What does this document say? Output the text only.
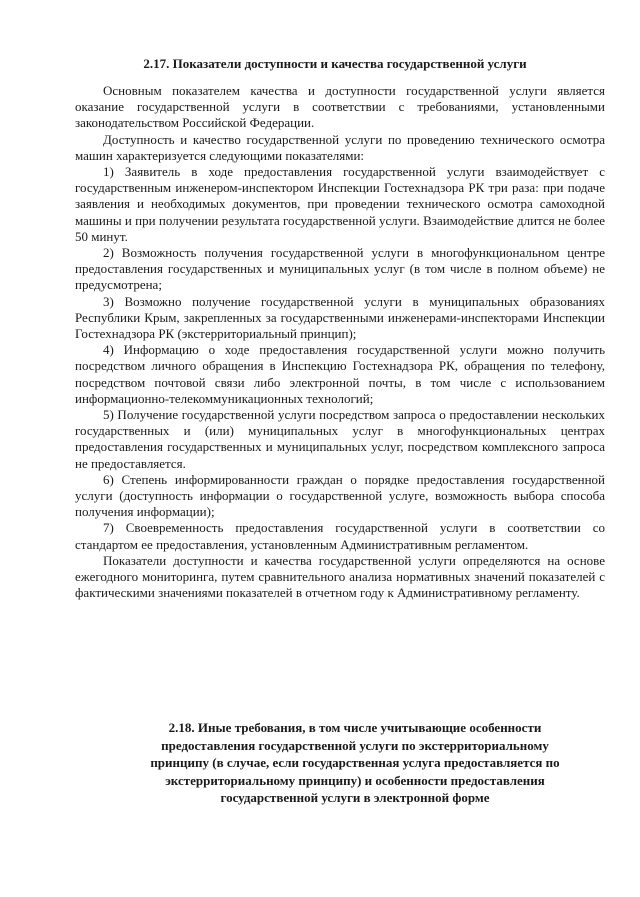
2.17. Показатели доступности и качества государственной услуги

Основным показателем качества и доступности государственной услуги является оказание государственной услуги в соответствии с требованиями, установленными законодательством Российской Федерации.

Доступность и качество государственной услуги по проведению технического осмотра машин характеризуется следующими показателями:

1) Заявитель в ходе предоставления государственной услуги взаимодействует с государственным инженером-инспектором Инспекции Гостехнадзора РК три раза: при подаче заявления и необходимых документов, при проведении технического осмотра самоходной машины и при получении результата государственной услуги. Взаимодействие длится не более 50 минут.

2) Возможность получения государственной услуги в многофункциональном центре предоставления государственных и муниципальных услуг (в том числе в полном объеме) не предусмотрена;

3) Возможно получение государственной услуги в муниципальных образованиях Республики Крым, закрепленных за государственными инженерами-инспекторами Инспекции Гостехнадзора РК (экстерриториальный принцип);

4) Информацию о ходе предоставления государственной услуги можно получить посредством личного обращения в Инспекцию Гостехнадзора РК, обращения по телефону, посредством почтовой связи либо электронной почты, в том числе с использованием информационно-телекоммуникационных технологий;

5) Получение государственной услуги посредством запроса о предоставлении нескольких государственных и (или) муниципальных услуг в многофункциональных центрах предоставления государственных и муниципальных услуг, посредством комплексного запроса не предоставляется.

6) Степень информированности граждан о порядке предоставления государственной услуги (доступность информации о государственной услуге, возможность выбора способа получения информации);

7) Своевременность предоставления государственной услуги в соответствии со стандартом ее предоставления, установленным Административным регламентом.

Показатели доступности и качества государственной услуги определяются на основе ежегодного мониторинга, путем сравнительного анализа нормативных значений показателей с фактическими значениями показателей в отчетном году к Административному регламенту.

2.18. Иные требования, в том числе учитывающие особенности
предоставления государственной услуги по экстерриториальному
принципу (в случае, если государственная услуга предоставляется по
экстерриториальному принципу) и особенности предоставления
государственной услуги в электронной форме
